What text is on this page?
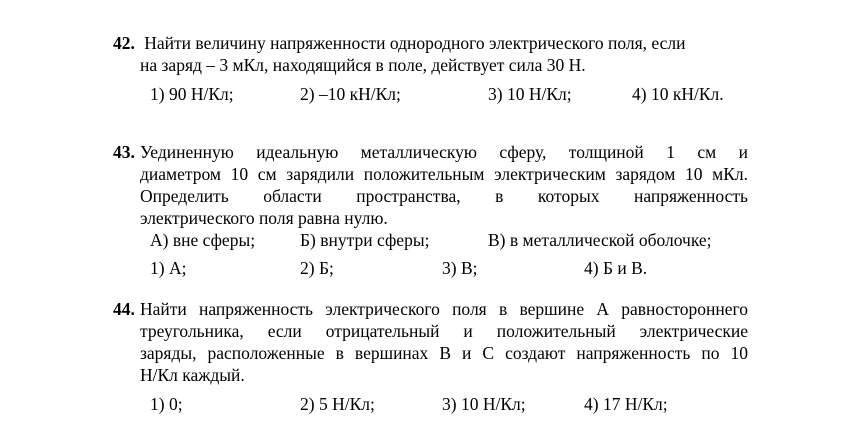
42. Найти величину напряженности однородного электрического поля, если
на заряд – 3 мКл, находящийся в поле, действует сила 30 Н.
1) 90 Н/Кл;	2) –10 кН/Кл;	3) 10 Н/Кл;	4) 10 кН/Кл.
43. Уединенную идеальную металлическую сферу, толщиной 1 см и
диаметром 10 см зарядили положительным электрическим зарядом 10 мКл.
Определить области пространства, в которых напряженность
электрического поля равна нулю.
А) вне сферы;	Б) внутри сферы;	В) в металлической оболочке;
1) А;	2) Б;	3) В;	4) Б и В.
44. Найти напряженность электрического поля в вершине А равностороннего
треугольника, если отрицательный и положительный электрические
заряды, расположенные в вершинах В и С создают напряженность по 10
Н/Кл каждый.
1) 0;	2) 5 Н/Кл;	3) 10 Н/Кл;	4) 17 Н/Кл;
